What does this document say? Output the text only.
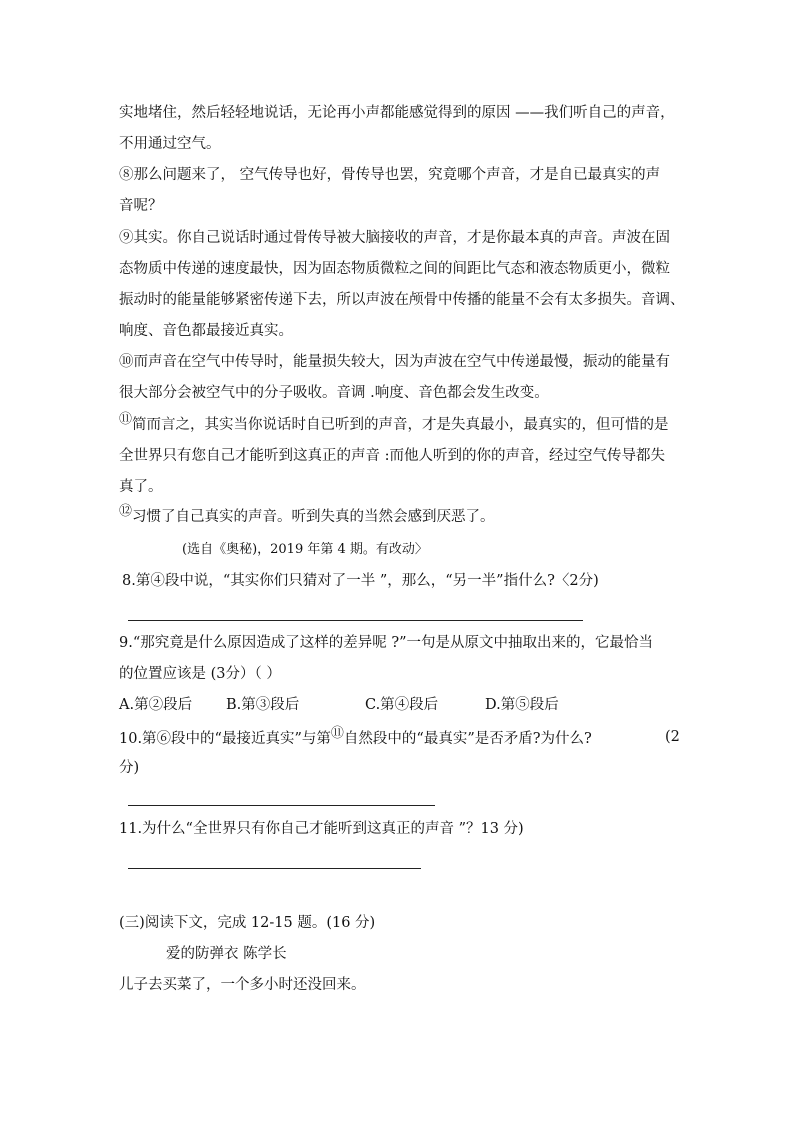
实地堵住，然后轻轻地说话，无论再小声都能感觉得到的原因 ——我们听自己的声音，
不用通过空气。
⑧那么问题来了， 空气传导也好，骨传导也罢，究竟哪个声音，才是自已最真实的声
音呢？
⑨其实。你自己说话时通过骨传导被大脑接收的声音，才是你最本真的声音。声波在固
态物质中传递的速度最快，因为固态物质微粒之间的间距比气态和液态物质更小，微粒
振动时的能量能够紧密传递下去，所以声波在颅骨中传播的能量不会有太多损失。音调、
响度、音色都最接近真实。
⑩而声音在空气中传导时，能量损失较大，因为声波在空气中传递最慢，振动的能量有
很大部分会被空气中的分子吸收。音调 .响度、音色都会发生改变。
⑪简而言之，其实当你说话时自已听到的声音，才是失真最小，最真实的，但可惜的是
全世界只有您自己才能听到这真正的声音 :而他人听到的你的声音，经过空气传导都失
真了。
⑫习惯了自己真实的声音。听到失真的当然会感到厌恶了。
(选自《奥秘)，2019 年第 4 期。有改动〉
8.第④段中说，“其实你们只猜对了一半 ”，那么，“另一半”指什么?〈2分)
9.“那究竟是什么原因造成了这样的差异呢 ?”一句是从原文中抽取出来的，它最恰当
的位置应该是 (3分）（ ）
A.第②段后 B.第③段后	C.第④段后	D.第⑤段后
10.第⑥段中的“最接近真实”与第⑪自然段中的“最真实”是否矛盾?为什么?	(2
分)
11.为什么“全世界只有你自己才能听到这真正的声音 ”？13 分)
(三)阅读下文，完成 12-15 题。(16 分)
爱的防弹衣 陈学长
儿子去买菜了，一个多小时还没回来。
